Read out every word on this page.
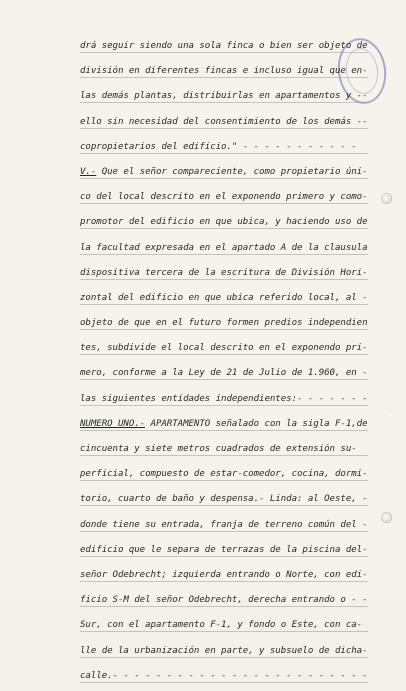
·
drá seguir siendo una sola finca o bien ser objeto de
división en diferentes fincas e incluso igual que en-
las demás plantas, distribuirlas en apartamentos y --
ello sin necesidad del consentimiento de los demás --
copropietarios del edificio." - - - - - - - - - - -
V.- Que el señor compareciente, como propietario úni-
co del local descrito en el exponendo primero y como-
promotor del edificio en que ubica, y haciendo uso de
la facultad expresada en el apartado A de la clausula
dispositiva tercera de la escritura de División Hori-
zontal del edificio en que ubica referido local, al -
objeto de que en el futuro formen predios independien
tes, subdivide el local descrito en el exponendo pri-
mero, conforme a la Ley de 21 de Julio de 1.960, en -
las siguientes entidades independientes:- - - - - - -
NUMERO UNO.- APARTAMENTO señalado con la sigla F-1,de
cincuenta y siete metros cuadrados de extensión su-
perficial, compuesto de estar-comedor, cocina, dormi-
torio, cuarto de baño y despensa.- Linda: al Oeste, -
donde tiene su entrada, franja de terreno común del -
edificio que le separa de terrazas de la piscina del-
señor Odebrecht; izquierda entrando o Norte, con edi-
ficio S-M del señor Odebrecht, derecha entrando o - -
Sur, con el apartamento F-1, y fondo o Este, con ca-
lle de la urbanización en parte, y subsuelo de dicha-
calle.- - - - - - - - - - - - - - - - - - - - - - - -
